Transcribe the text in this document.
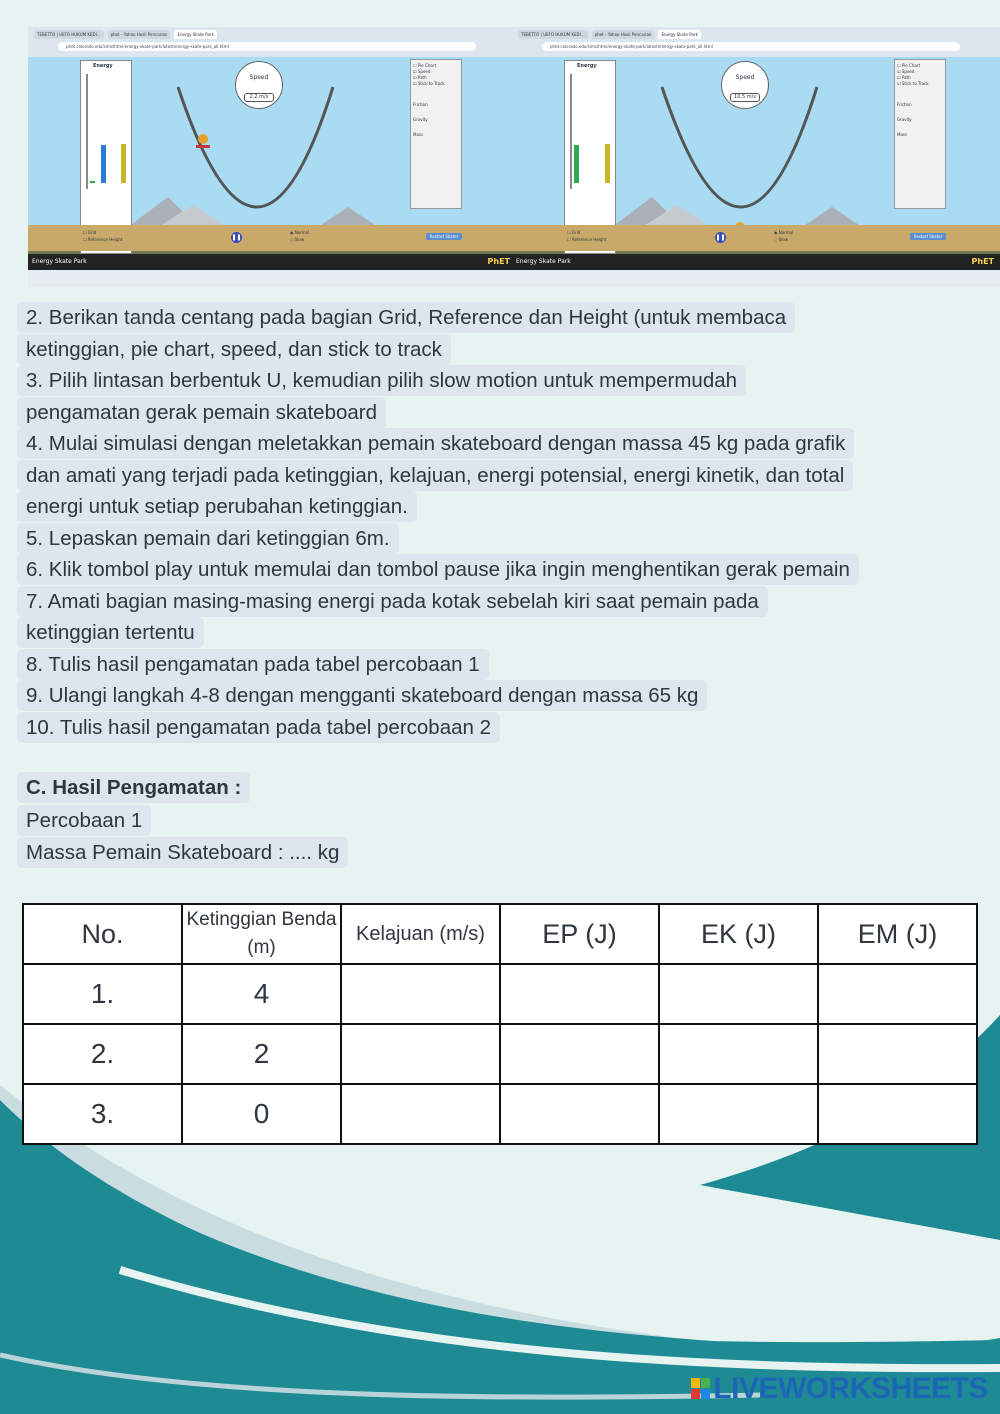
TEBETTO | UEFO HUKUM KEDI...	phet - Yahoo Hasil Pencarian	Energy Skate Park
phet.colorado.edu/sims/html/energy-skate-park/latest/energy-skate-park_all.html
Energy
Speed
2.2 m/s
☐ Pie Chart
☑ Speed
☑ Path
☑ Stick to Track
Friction
Gravity
Mass
☐ Grid
☐ Reference Height	❚❚
◉ Normal
○ Slow
Restart Skater
Energy Skate Park	PhET
TEBETTO | UEFO HUKUM KEDI...	phet - Yahoo Hasil Pencarian	Energy Skate Park
phet.colorado.edu/sims/html/energy-skate-park/latest/energy-skate-park_all.html
Energy
Speed
10.5 m/s
☐ Pie Chart
☑ Speed
☑ Path
☑ Stick to Track
Friction
Gravity
Mass
☐ Grid
☐ Reference Height	❚❚
◉ Normal
○ Slow
Restart Skater
Energy Skate Park	PhET
2. Berikan tanda centang pada bagian Grid, Reference dan Height (untuk membaca
ketinggian, pie chart, speed, dan stick to track
3. Pilih lintasan berbentuk U, kemudian pilih slow motion untuk mempermudah
pengamatan gerak pemain skateboard
4. Mulai simulasi dengan meletakkan pemain skateboard dengan massa 45 kg pada grafik
dan amati yang terjadi pada ketinggian, kelajuan, energi potensial, energi kinetik, dan total
energi untuk setiap perubahan ketinggian.
5. Lepaskan pemain dari ketinggian 6m.
6. Klik tombol play untuk memulai dan tombol pause jika ingin menghentikan gerak pemain
7. Amati bagian masing-masing energi pada kotak sebelah kiri saat pemain pada
ketinggian tertentu
8. Tulis hasil pengamatan pada tabel percobaan 1
9. Ulangi langkah 4-8 dengan mengganti skateboard dengan massa 65 kg
10. Tulis hasil pengamatan pada tabel percobaan 2
C. Hasil Pengamatan :
Percobaan 1
Massa Pemain Skateboard : .... kg
No.	Ketinggian Benda (m)	Kelajuan (m/s)	EP (J)	EK (J)	EM (J)
1.	4				
2.	2				
3.	0				
LIVEWORKSHEETS
